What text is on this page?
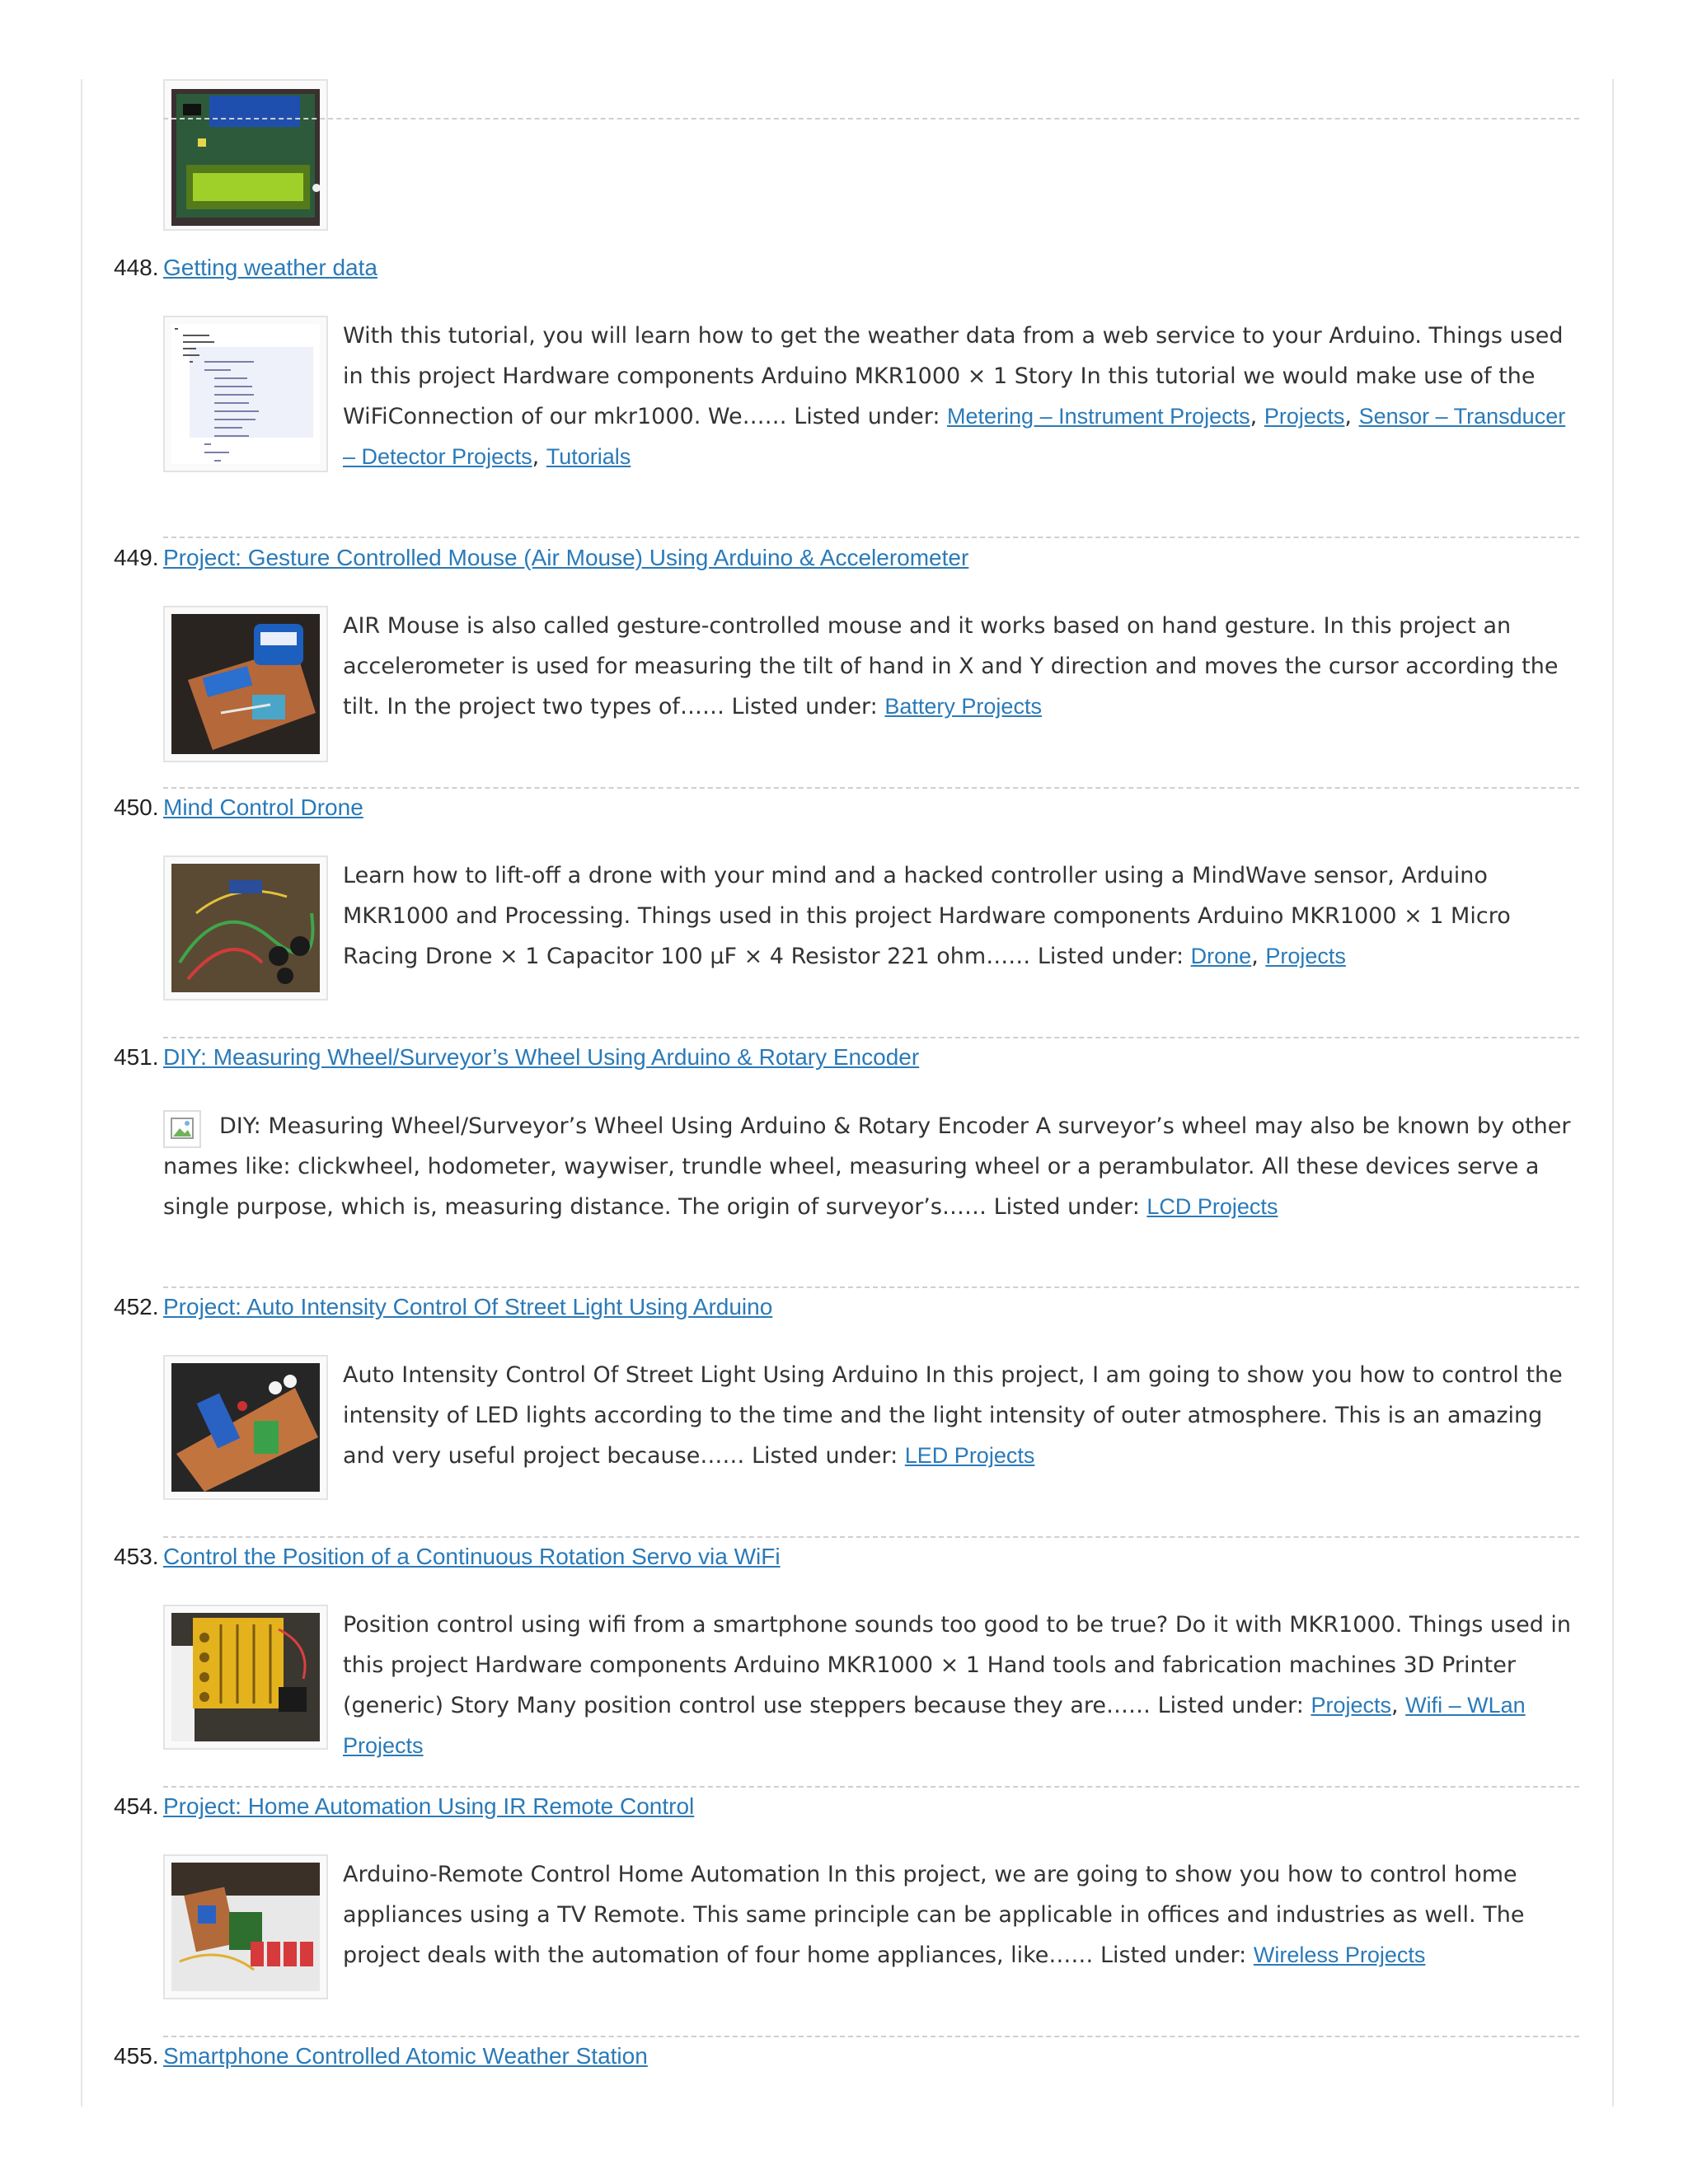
448. Getting weather data
With this tutorial, you will learn how to get the weather data from a web service to your Arduino. Things used in this project Hardware components Arduino MKR1000 × 1 Story In this tutorial we would make use of the WiFiConnection of our mkr1000. We…… Listed under: Metering – Instrument Projects, Projects, Sensor – Transducer – Detector Projects, Tutorials
449. Project: Gesture Controlled Mouse (Air Mouse) Using Arduino & Accelerometer
AIR Mouse is also called gesture-controlled mouse and it works based on hand gesture. In this project an accelerometer is used for measuring the tilt of hand in X and Y direction and moves the cursor according the tilt. In the project two types of…… Listed under: Battery Projects
450. Mind Control Drone
Learn how to lift-off a drone with your mind and a hacked controller using a MindWave sensor, Arduino MKR1000 and Processing. Things used in this project Hardware components Arduino MKR1000 × 1 Micro Racing Drone × 1 Capacitor 100 µF × 4 Resistor 221 ohm…… Listed under: Drone, Projects
451. DIY: Measuring Wheel/Surveyor’s Wheel Using Arduino & Rotary Encoder
DIY: Measuring Wheel/Surveyor’s Wheel Using Arduino & Rotary Encoder A surveyor’s wheel may also be known by other names like: clickwheel, hodometer, waywiser, trundle wheel, measuring wheel or a perambulator. All these devices serve a single purpose, which is, measuring distance. The origin of surveyor’s…… Listed under: LCD Projects
452. Project: Auto Intensity Control Of Street Light Using Arduino
Auto Intensity Control Of Street Light Using Arduino In this project, I am going to show you how to control the intensity of LED lights according to the time and the light intensity of outer atmosphere. This is an amazing and very useful project because…… Listed under: LED Projects
453. Control the Position of a Continuous Rotation Servo via WiFi
Position control using wifi from a smartphone sounds too good to be true? Do it with MKR1000. Things used in this project Hardware components Arduino MKR1000 × 1 Hand tools and fabrication machines 3D Printer (generic) Story Many position control use steppers because they are…… Listed under: Projects, Wifi – WLan Projects
454. Project: Home Automation Using IR Remote Control
Arduino-Remote Control Home Automation In this project, we are going to show you how to control home appliances using a TV Remote. This same principle can be applicable in offices and industries as well. The project deals with the automation of four home appliances, like…… Listed under: Wireless Projects
455. Smartphone Controlled Atomic Weather Station
